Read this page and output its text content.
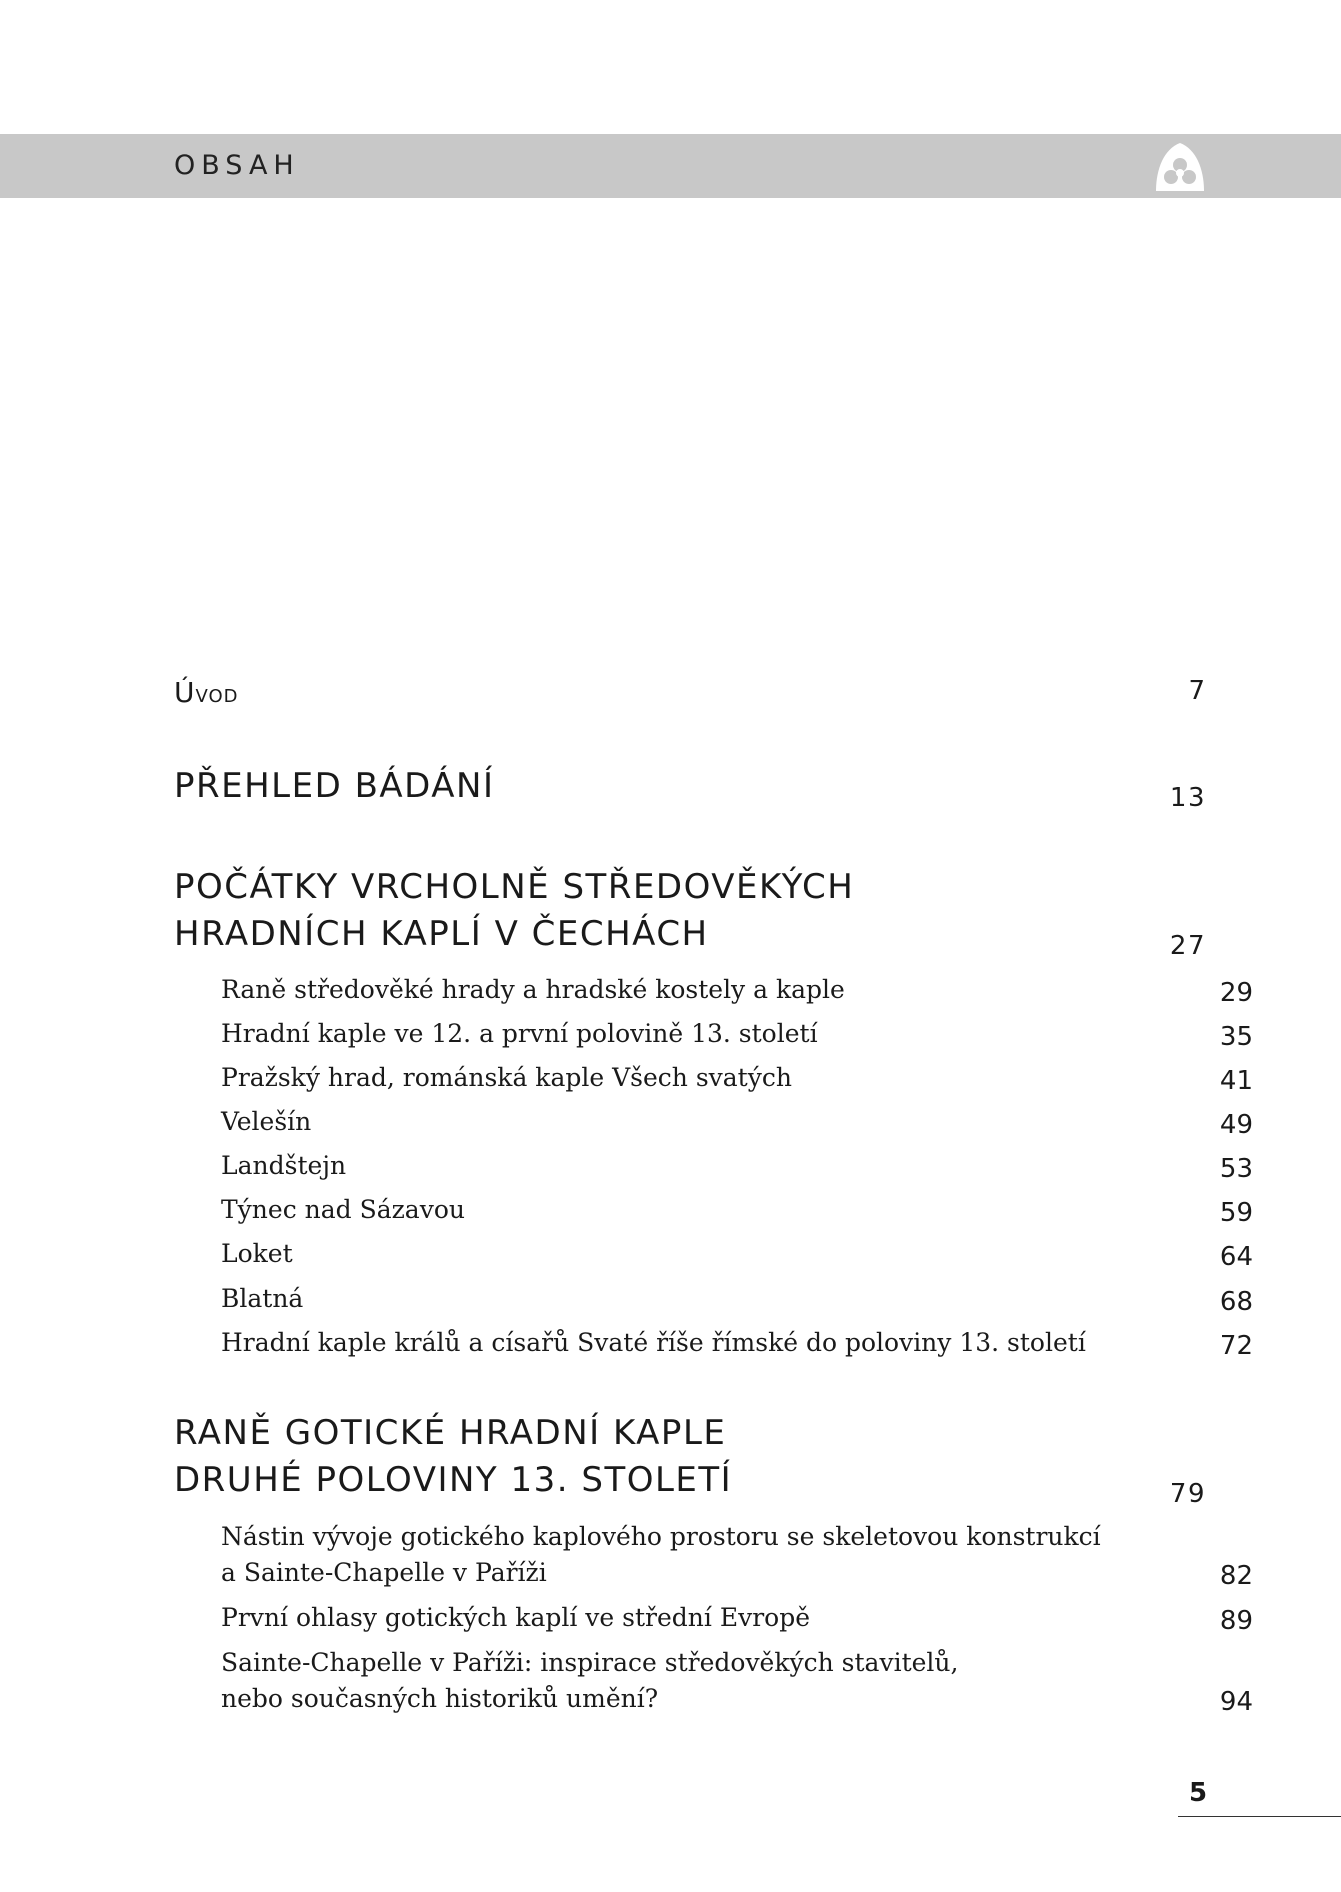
OBSAH
Úvod	7
PŘEHLED BÁDÁNÍ	13
POČÁTKY VRCHOLNĚ STŘEDOVĚKÝCH
HRADNÍCH KAPLÍ V ČECHÁCH	27
Raně středověké hrady a hradské kostely a kaple	29
Hradní kaple ve 12. a první polovině 13. století	35
Pražský hrad, románská kaple Všech svatých	41
Velešín	49
Landštejn	53
Týnec nad Sázavou	59
Loket	64
Blatná	68
Hradní kaple králů a císařů Svaté říše římské do poloviny 13. století	72
RANĚ GOTICKÉ HRADNÍ KAPLE
DRUHÉ POLOVINY 13. STOLETÍ	79
Nástin vývoje gotického kaplového prostoru se skeletovou konstrukcí
a Sainte-Chapelle v Paříži	82
První ohlasy gotických kaplí ve střední Evropě	89
Sainte-Chapelle v Paříži: inspirace středověkých stavitelů,
nebo současných historiků umění?	94
5
